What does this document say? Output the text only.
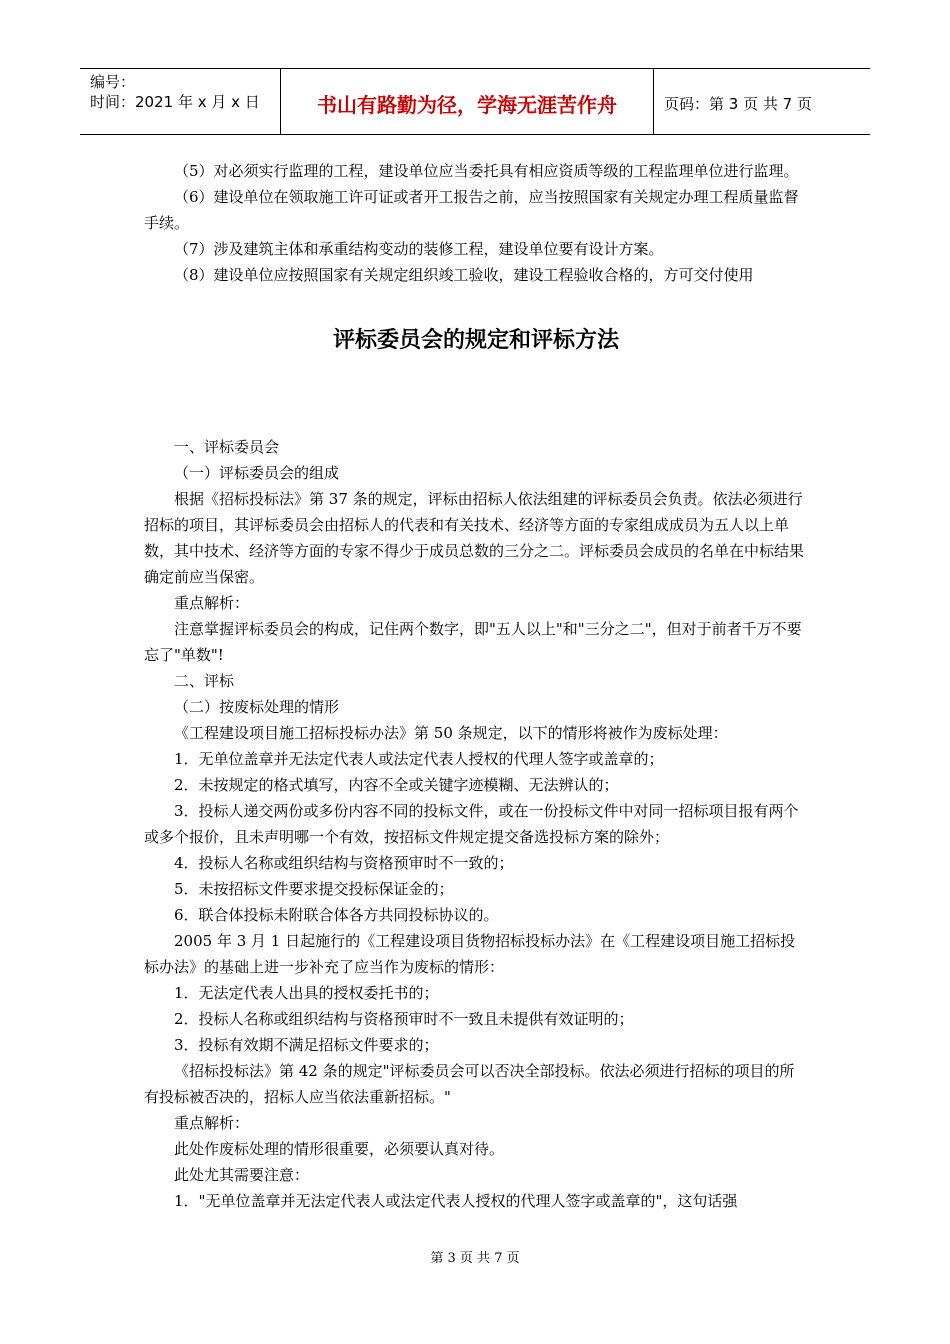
编号：
时间：2021 年 x 月 x 日	书山有路勤为径，学海无涯苦作舟	页码：第 3 页 共 7 页

（5）对必须实行监理的工程，建设单位应当委托具有相应资质等级的工程监理单位进行监理。

（6）建设单位在领取施工许可证或者开工报告之前，应当按照国家有关规定办理工程质量监督手续。

（7）涉及建筑主体和承重结构变动的装修工程，建设单位要有设计方案。

（8）建设单位应按照国家有关规定组织竣工验收，建设工程验收合格的，方可交付使用

评标委员会的规定和评标方法

一、评标委员会

（一）评标委员会的组成

根据《招标投标法》第 37 条的规定，评标由招标人依法组建的评标委员会负责。依法必须进行招标的项目，其评标委员会由招标人的代表和有关技术、经济等方面的专家组成成员为五人以上单数，其中技术、经济等方面的专家不得少于成员总数的三分之二。评标委员会成员的名单在中标结果确定前应当保密。

重点解析：

注意掌握评标委员会的构成，记住两个数字，即"五人以上"和"三分之二"，但对于前者千万不要忘了"单数"!

二、评标

（二）按废标处理的情形

《工程建设项目施工招标投标办法》第 50 条规定，以下的情形将被作为废标处理：

1．无单位盖章并无法定代表人或法定代表人授权的代理人签字或盖章的；

2．未按规定的格式填写，内容不全或关键字迹模糊、无法辨认的；

3．投标人递交两份或多份内容不同的投标文件，或在一份投标文件中对同一招标项目报有两个或多个报价，且未声明哪一个有效，按招标文件规定提交备选投标方案的除外；

4．投标人名称或组织结构与资格预审时不一致的；

5．未按招标文件要求提交投标保证金的；

6．联合体投标未附联合体各方共同投标协议的。

2005 年 3 月 1 日起施行的《工程建设项目货物招标投标办法》在《工程建设项目施工招标投标办法》的基础上进一步补充了应当作为废标的情形：

1．无法定代表人出具的授权委托书的；

2．投标人名称或组织结构与资格预审时不一致且未提供有效证明的；

3．投标有效期不满足招标文件要求的；

《招标投标法》第 42 条的规定"评标委员会可以否决全部投标。依法必须进行招标的项目的所有投标被否决的，招标人应当依法重新招标。"

重点解析：

此处作废标处理的情形很重要，必须要认真对待。

此处尤其需要注意：

1．"无单位盖章并无法定代表人或法定代表人授权的代理人签字或盖章的"，这句话强

第 3 页 共 7 页
